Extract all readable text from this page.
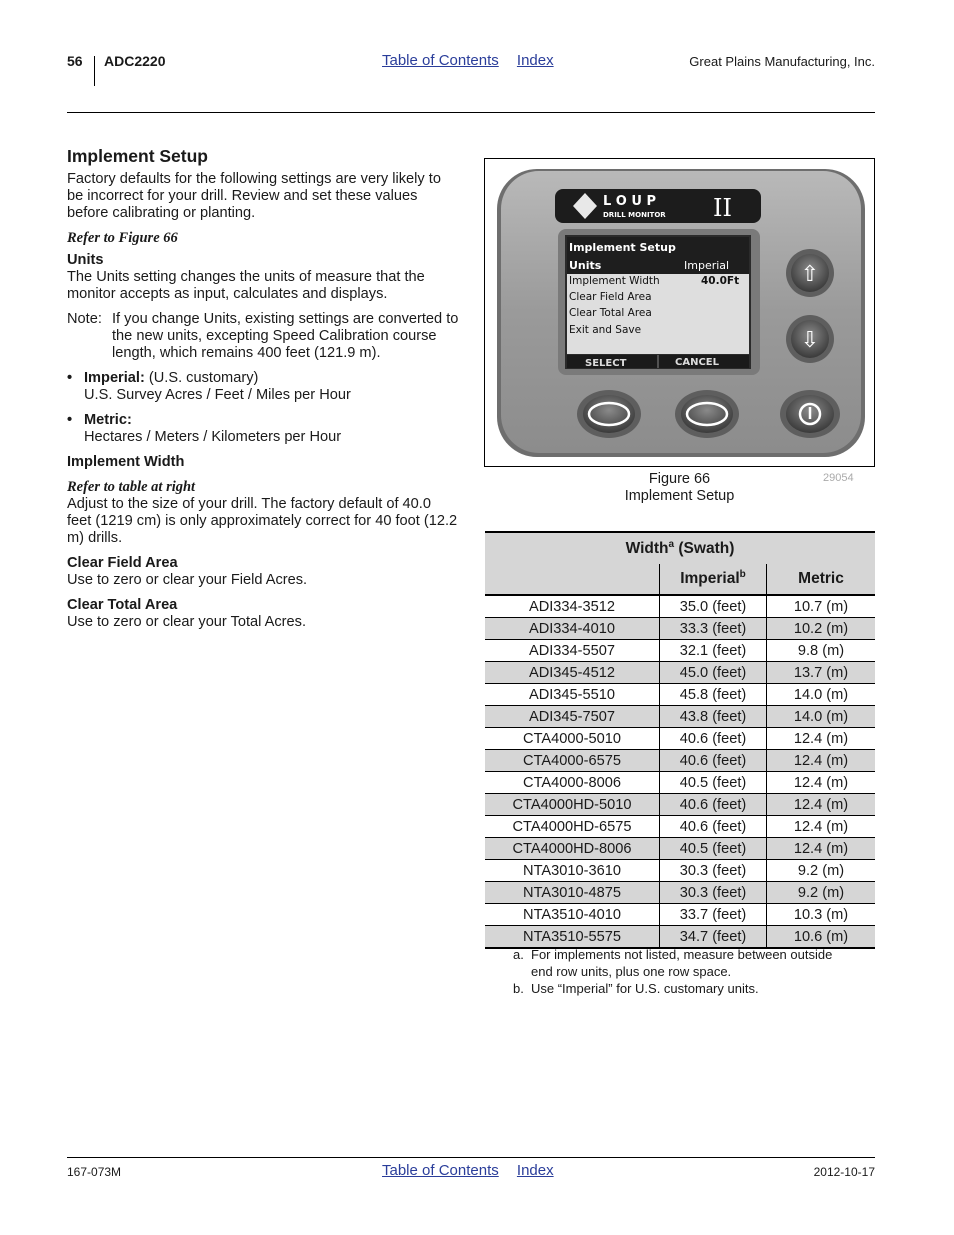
56 ADC2220	Table of Contents Index	Great Plains Manufacturing, Inc.
Implement Setup

Factory defaults for the following settings are very likely to be incorrect for your drill. Review and set these values before calibrating or planting.

Refer to Figure 66

Units

The Units setting changes the units of measure that the monitor accepts as input, calculates and displays.

Note: If you change Units, existing settings are converted to the new units, excepting Speed Calibration course length, which remains 400 feet (121.9 m).
• Imperial: (U.S. customary)
U.S. Survey Acres / Feet / Miles per Hour
• Metric:
Hectares / Meters / Kilometers per Hour

Implement Width

Refer to table at right

Adjust to the size of your drill. The factory default of 40.0 feet (1219 cm) is only approximately correct for 40 foot (12.2 m) drills.

Clear Field Area

Use to zero or clear your Field Acres.

Clear Total Area

Use to zero or clear your Total Acres.

L O U P
DRILL MONITOR II
Implement Setup
Units	Imperial
Implement Width	40.0Ft
Clear Field Area
Clear Total Area
Exit and Save
SELECT	CANCEL
⇧
⇩
Figure 66
Implement Setup
29054
Width$^a$ (Swath)		
	Imperial$^b$	Metric
ADI334-3512	35.0 (feet)	10.7 (m)
ADI334-4010	33.3 (feet)	10.2 (m)
ADI334-5507	32.1 (feet)	9.8 (m)
ADI345-4512	45.0 (feet)	13.7 (m)
ADI345-5510	45.8 (feet)	14.0 (m)
ADI345-7507	43.8 (feet)	14.0 (m)
CTA4000-5010	40.6 (feet)	12.4 (m)
CTA4000-6575	40.6 (feet)	12.4 (m)
CTA4000-8006	40.5 (feet)	12.4 (m)
CTA4000HD-5010	40.6 (feet)	12.4 (m)
CTA4000HD-6575	40.6 (feet)	12.4 (m)
CTA4000HD-8006	40.5 (feet)	12.4 (m)
NTA3010-3610	30.3 (feet)	9.2 (m)
NTA3010-4875	30.3 (feet)	9.2 (m)
NTA3510-4010	33.7 (feet)	10.3 (m)
NTA3510-5575	34.7 (feet)	10.6 (m)
a. For implements not listed, measure between outside end row units, plus one row space.
b. Use “Imperial” for U.S. customary units.
167-073M	Table of Contents Index	2012-10-17
